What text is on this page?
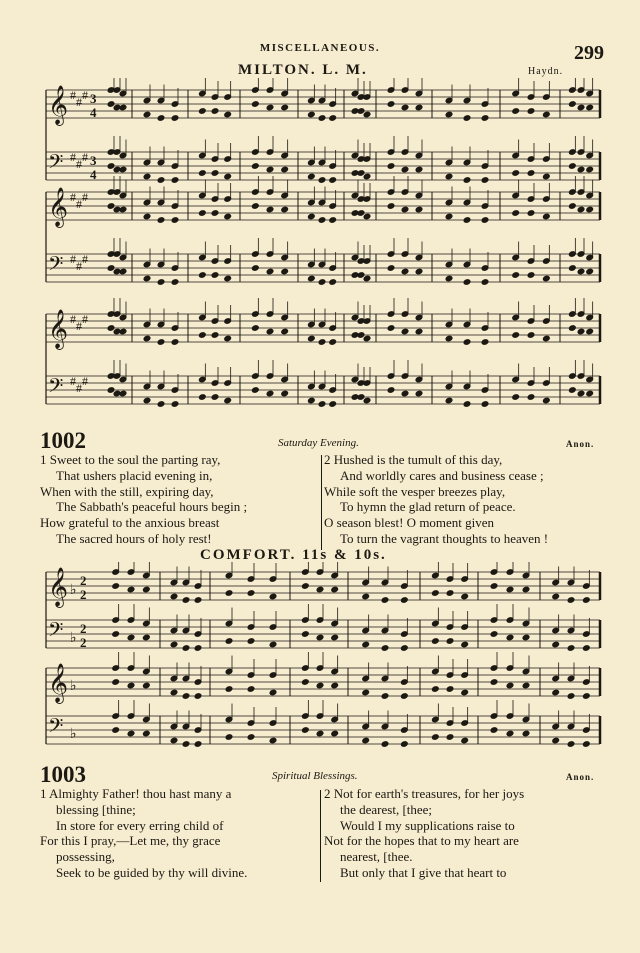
MISCELLANEOUS.	299
MILTON. L. M.	Haydn.
𝄞 # # # 3
4
𝄢 # # # 3
4
𝄞 # # #
𝄢 # # #
𝄞 # # #
𝄢 # # #
1002	Saturday Evening.	Anon.
1 Sweet to the soul the parting ray,
That ushers placid evening in,
When with the still, expiring day,
The Sabbath's peaceful hours begin ;
How grateful to the anxious breast
The sacred hours of holy rest!
2 Hushed is the tumult of this day,
And worldly cares and business cease ;
While soft the vesper breezes play,
To hymn the glad return of peace.
O season blest! O moment given
To turn the vagrant thoughts to heaven !
COMFORT. 11s & 10s.
𝄞 ♭
2
2
𝄢 ♭
2
2
𝄞 ♭
𝄢 ♭
1003	Spiritual Blessings.	Anon.
1 Almighty Father! thou hast many a
blessing [thine;
In store for every erring child of
For this I pray,—Let me, thy grace
possessing,
Seek to be guided by thy will divine.
2 Not for earth's treasures, for her joys
the dearest, [thee;
Would I my supplications raise to
Not for the hopes that to my heart are
nearest, [thee.
But only that I give that heart to
